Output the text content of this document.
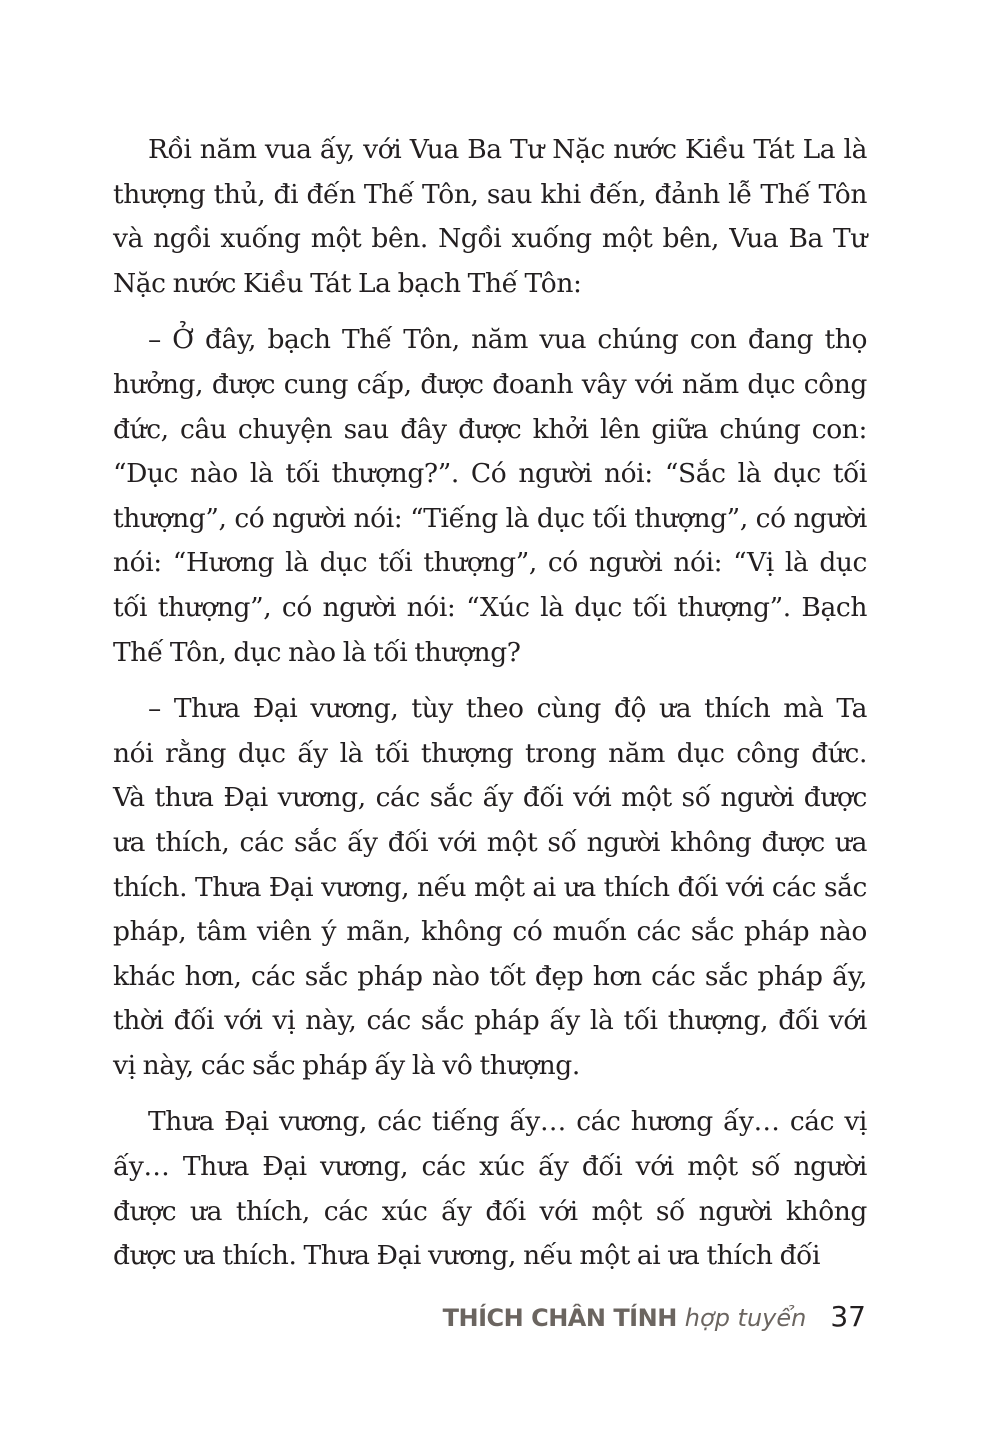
Rồi năm vua ấy, với Vua Ba Tư Nặc nước Kiều Tát La là
thượng thủ, đi đến Thế Tôn, sau khi đến, đảnh lễ Thế Tôn
và ngồi xuống một bên. Ngồi xuống một bên, Vua Ba Tư
Nặc nước Kiều Tát La bạch Thế Tôn:
– Ở đây, bạch Thế Tôn, năm vua chúng con đang thọ
hưởng, được cung cấp, được đoanh vây với năm dục công
đức, câu chuyện sau đây được khởi lên giữa chúng con:
“Dục nào là tối thượng?”. Có người nói: “Sắc là dục tối
thượng”, có người nói: “Tiếng là dục tối thượng”, có người
nói: “Hương là dục tối thượng”, có người nói: “Vị là dục
tối thượng”, có người nói: “Xúc là dục tối thượng”. Bạch
Thế Tôn, dục nào là tối thượng?
– Thưa Đại vương, tùy theo cùng độ ưa thích mà Ta
nói rằng dục ấy là tối thượng trong năm dục công đức.
Và thưa Đại vương, các sắc ấy đối với một số người được
ưa thích, các sắc ấy đối với một số người không được ưa
thích. Thưa Đại vương, nếu một ai ưa thích đối với các sắc
pháp, tâm viên ý mãn, không có muốn các sắc pháp nào
khác hơn, các sắc pháp nào tốt đẹp hơn các sắc pháp ấy,
thời đối với vị này, các sắc pháp ấy là tối thượng, đối với
vị này, các sắc pháp ấy là vô thượng.
Thưa Đại vương, các tiếng ấy… các hương ấy… các vị
ấy… Thưa Đại vương, các xúc ấy đối với một số người
được ưa thích, các xúc ấy đối với một số người không
được ưa thích. Thưa Đại vương, nếu một ai ưa thích đối
THÍCH CHÂN TÍNH hợp tuyển 37
